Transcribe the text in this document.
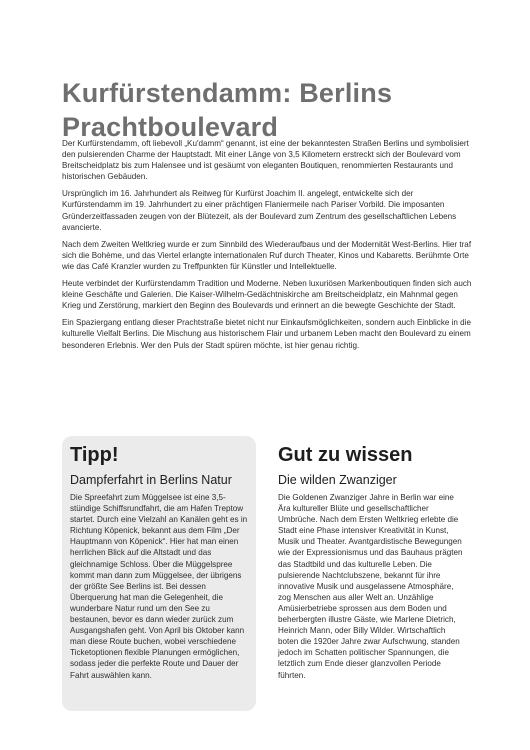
Kurfürstendamm: Berlins Prachtboulevard

Der Kurfürstendamm, oft liebevoll „Ku'damm“ genannt, ist eine der bekanntesten Straßen Berlins und symbolisiert den pulsierenden Charme der Hauptstadt. Mit einer Länge von 3,5 Kilometern erstreckt sich der Boulevard vom Breitscheidplatz bis zum Halensee und ist gesäumt von eleganten Boutiquen, renommierten Restaurants und historischen Gebäuden.

Ursprünglich im 16. Jahrhundert als Reitweg für Kurfürst Joachim II. angelegt, entwickelte sich der Kurfürstendamm im 19. Jahrhundert zu einer prächtigen Flaniermeile nach Pariser Vorbild. Die imposanten Gründerzeitfassaden zeugen von der Blütezeit, als der Boulevard zum Zentrum des gesellschaftlichen Lebens avancierte.

Nach dem Zweiten Weltkrieg wurde er zum Sinnbild des Wiederaufbaus und der Modernität West-Berlins. Hier traf sich die Bohème, und das Viertel erlangte internationalen Ruf durch Theater, Kinos und Kabaretts. Berühmte Orte wie das Café Kranzler wurden zu Treffpunkten für Künstler und Intellektuelle.

Heute verbindet der Kurfürstendamm Tradition und Moderne. Neben luxuriösen Markenboutiquen finden sich auch kleine Geschäfte und Galerien. Die Kaiser-Wilhelm-Gedächtniskirche am Breitscheidplatz, ein Mahnmal gegen Krieg und Zerstörung, markiert den Beginn des Boulevards und erinnert an die bewegte Geschichte der Stadt.

Ein Spaziergang entlang dieser Prachtstraße bietet nicht nur Einkaufsmöglichkeiten, sondern auch Einblicke in die kulturelle Vielfalt Berlins. Die Mischung aus historischem Flair und urbanem Leben macht den Boulevard zu einem besonderen Erlebnis. Wer den Puls der Stadt spüren möchte, ist hier genau richtig.

Tipp!
Dampferfahrt in Berlins Natur
Die Spreefahrt zum Müggelsee ist eine 3,5-stündige Schiffsrundfahrt, die am Hafen Treptow startet. Durch eine Vielzahl an Kanälen geht es in Richtung Köpenick, bekannt aus dem Film „Der Hauptmann von Köpenick“. Hier hat man einen herrlichen Blick auf die Altstadt und das gleichnamige Schloss. Über die Müggelspree kommt man dann zum Müggelsee, der übrigens der größte See Berlins ist. Bei dessen Überquerung hat man die Gelegenheit, die wunderbare Natur rund um den See zu bestaunen, bevor es dann wieder zurück zum Ausgangshafen geht. Von April bis Oktober kann man diese Route buchen, wobei verschiedene Ticketoptionen flexible Planungen ermöglichen, sodass jeder die perfekte Route und Dauer der Fahrt auswählen kann.
Gut zu wissen
Die wilden Zwanziger
Die Goldenen Zwanziger Jahre in Berlin war eine Ära kultureller Blüte und gesellschaftlicher Umbrüche. Nach dem Ersten Weltkrieg erlebte die Stadt eine Phase intensiver Kreativität in Kunst, Musik und Theater. Avantgardistische Bewegungen wie der Expressionismus und das Bauhaus prägten das Stadtbild und das kulturelle Leben. Die pulsierende Nachtclubszene, bekannt für ihre innovative Musik und ausgelassene Atmosphäre, zog Menschen aus aller Welt an. Unzählige Amüsierbetriebe sprossen aus dem Boden und beherbergten illustre Gäste, wie Marlene Dietrich, Heinrich Mann, oder Billy Wilder. Wirtschaftlich boten die 1920er Jahre zwar Aufschwung, standen jedoch im Schatten politischer Spannungen, die letztlich zum Ende dieser glanzvollen Periode führten.
